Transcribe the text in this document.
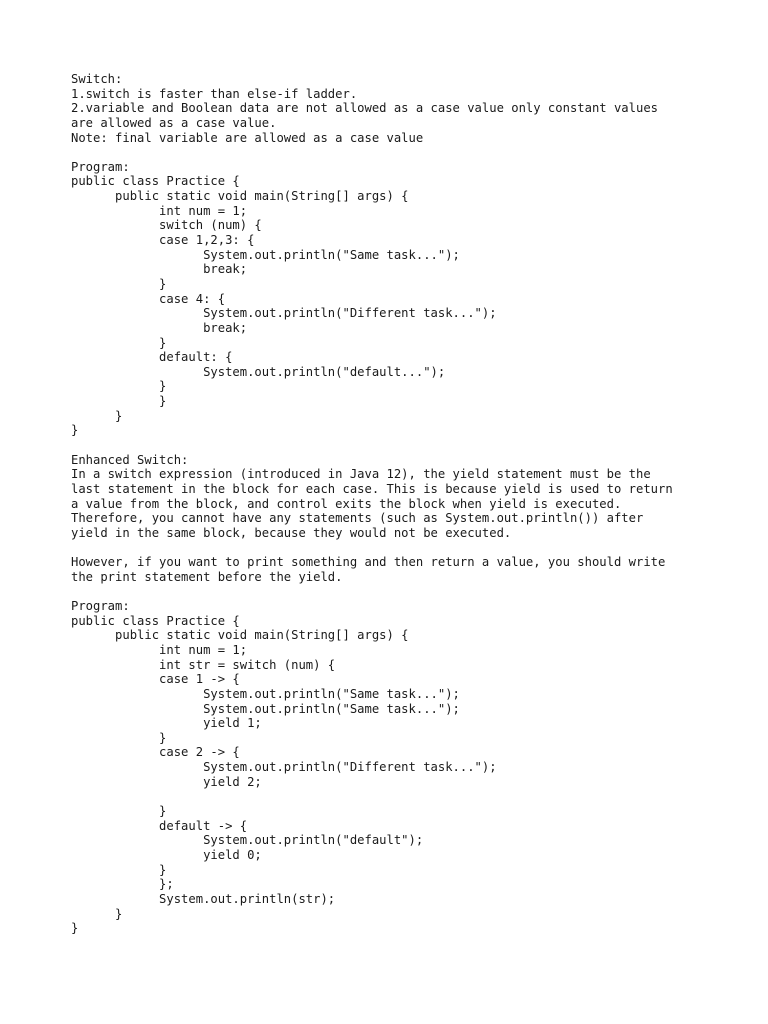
Switch:
1.switch is faster than else-if ladder.
2.variable and Boolean data are not allowed as a case value only constant values
are allowed as a case value.
Note: final variable are allowed as a case value
Program:
public class Practice {
public static void main(String[] args) {
int num = 1;
switch (num) {
case 1,2,3: {
System.out.println("Same task...");
break;
}
case 4: {
System.out.println("Different task...");
break;
}
default: {
System.out.println("default...");
}
}
}
}
Enhanced Switch:
In a switch expression (introduced in Java 12), the yield statement must be the
last statement in the block for each case. This is because yield is used to return
a value from the block, and control exits the block when yield is executed.
Therefore, you cannot have any statements (such as System.out.println()) after
yield in the same block, because they would not be executed.
However, if you want to print something and then return a value, you should write
the print statement before the yield.
Program:
public class Practice {
public static void main(String[] args) {
int num = 1;
int str = switch (num) {
case 1 -> {
System.out.println("Same task...");
System.out.println("Same task...");
yield 1;
}
case 2 -> {
System.out.println("Different task...");
yield 2;
}
default -> {
System.out.println("default");
yield 0;
}
};
System.out.println(str);
}
}
